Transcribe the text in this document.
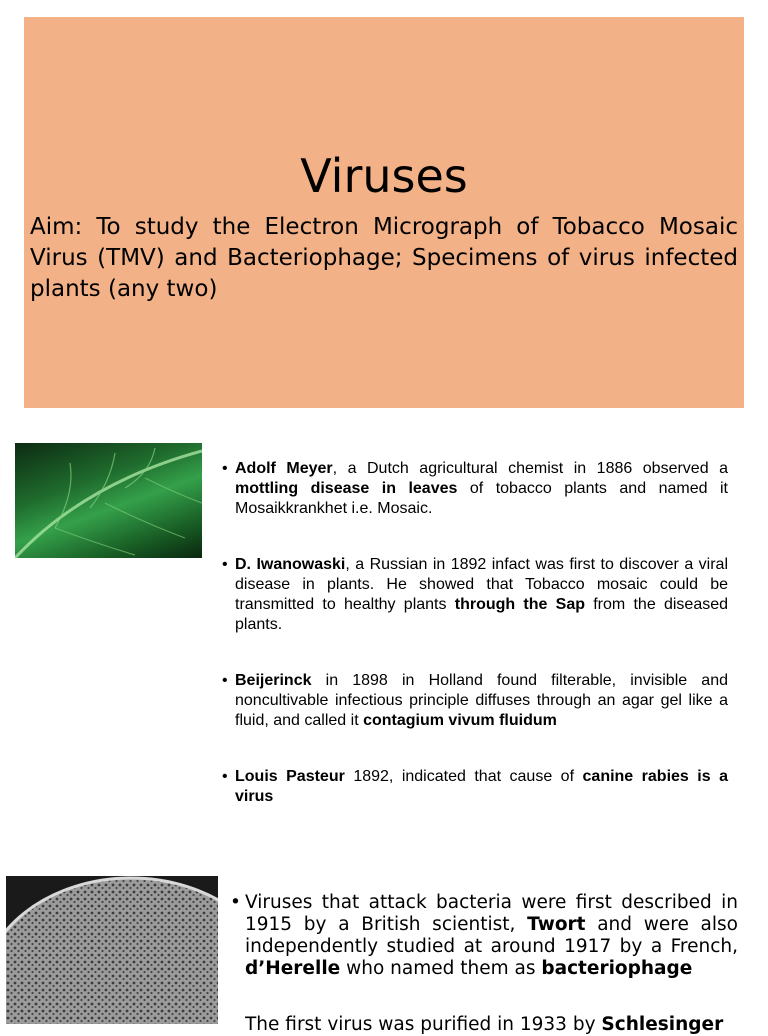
Viruses

Aim: To study the Electron Micrograph of Tobacco Mosaic Virus (TMV) and Bacteriophage; Specimens of virus infected plants (any two)

• Adolf Meyer, a Dutch agricultural chemist in 1886 observed a mottling disease in leaves of tobacco plants and named it Mosaikkrankhet i.e. Mosaic.
• D. Iwanowaski, a Russian in 1892 infact was first to discover a viral disease in plants. He showed that Tobacco mosaic could be transmitted to healthy plants through the Sap from the diseased plants.
• Beijerinck in 1898 in Holland found filterable, invisible and noncultivable infectious principle diffuses through an agar gel like a fluid, and called it contagium vivum fluidum
• Louis Pasteur 1892, indicated that cause of canine rabies is a virus
• Viruses that attack bacteria were first described in 1915 by a British scientist, Twort and were also independently studied at around 1917 by a French, d’Herelle who named them as bacteriophage
The first virus was purified in 1933 by Schlesinger
